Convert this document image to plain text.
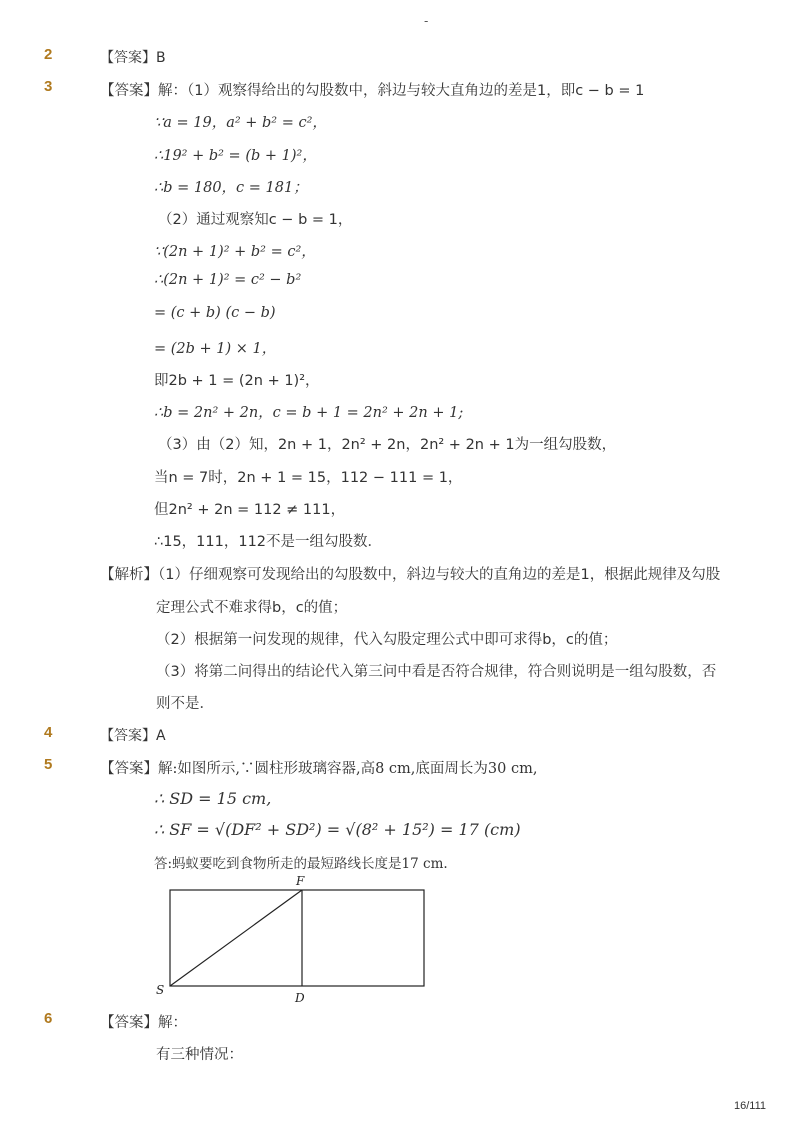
-
2	【答案】B
3	【答案】解：（1）观察得给出的勾股数中，斜边与较大直角边的差是1，即c − b = 1
∵a = 19，a² + b² = c²，
∴19² + b² = (b + 1)²，
∴b = 180，c = 181；
（2）通过观察知c − b = 1，
∵(2n + 1)² + b² = c²，
∴(2n + 1)² = c² − b²
= (c + b) (c − b)
= (2b + 1) × 1，
即2b + 1 = (2n + 1)²，
∴b = 2n² + 2n，c = b + 1 = 2n² + 2n + 1;
（3）由（2）知，2n + 1，2n² + 2n，2n² + 2n + 1为一组勾股数，
当n = 7时，2n + 1 = 15，112 − 111 = 1，
但2n² + 2n = 112 ≠ 111，
∴15，111，112不是一组勾股数．
【解析】（1）仔细观察可发现给出的勾股数中，斜边与较大的直角边的差是1，根据此规律及勾股
定理公式不难求得b，c的值；
（2）根据第一问发现的规律，代入勾股定理公式中即可求得b，c的值；
（3）将第二问得出的结论代入第三问中看是否符合规律，符合则说明是一组勾股数，否
则不是．
4	【答案】A
5	【答案】解:如图所示,∵圆柱形玻璃容器,高8 cm,底面周长为30 cm,
∴ SD = 15 cm,
∴ SF = √(DF² + SD²) = √(8² + 15²) = 17 (cm)
答:蚂蚁要吃到食物所走的最短路线长度是17 cm.
F
S
D
6	【答案】解：
有三种情况：
16/111
